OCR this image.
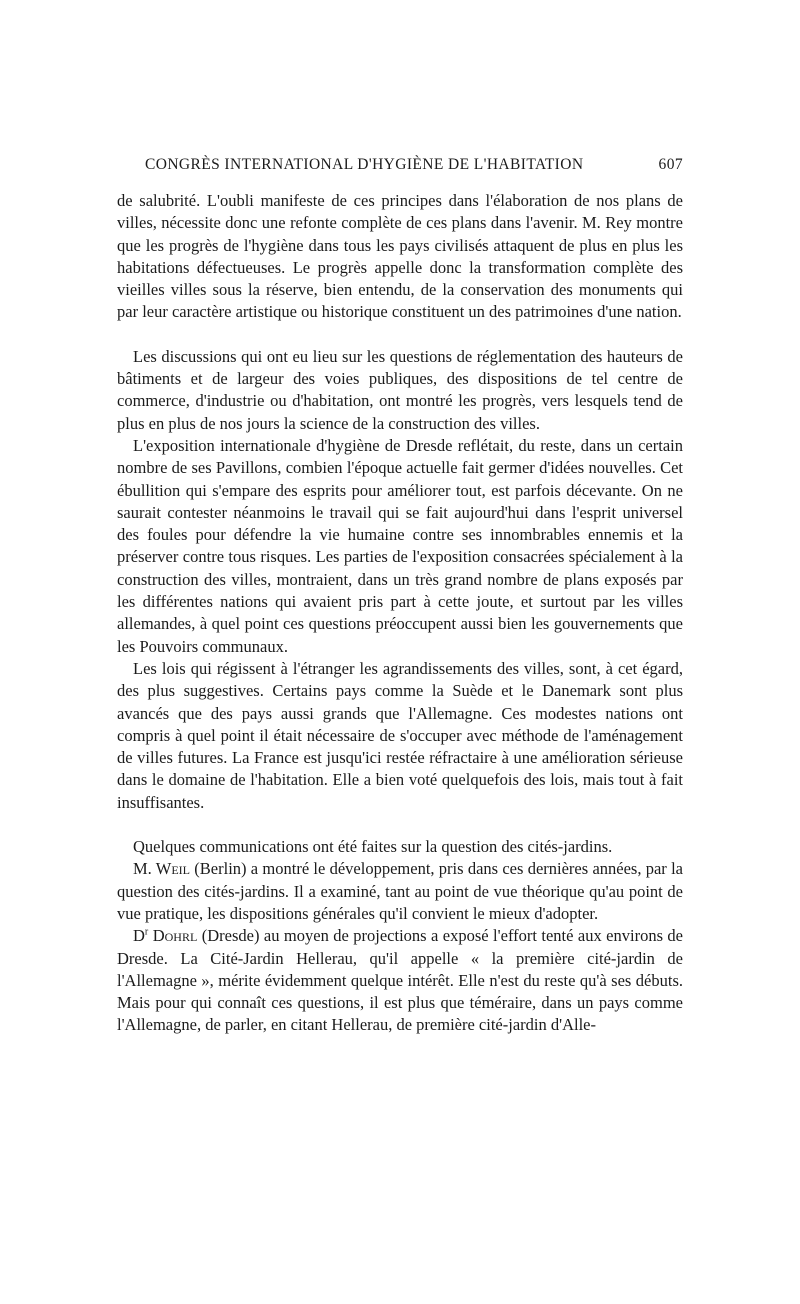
CONGRÈS INTERNATIONAL D'HYGIÈNE DE L'HABITATION	607

de salubrité. L'oubli manifeste de ces principes dans l'élaboration de nos plans de villes, nécessite donc une refonte complète de ces plans dans l'avenir. M. Rey montre que les progrès de l'hygiène dans tous les pays civilisés attaquent de plus en plus les habitations défectueuses. Le progrès appelle donc la transformation complète des vieilles villes sous la réserve, bien entendu, de la conservation des monuments qui par leur caractère artistique ou historique constituent un des patrimoines d'une nation.

Les discussions qui ont eu lieu sur les questions de réglementation des hauteurs de bâtiments et de largeur des voies publiques, des dispositions de tel centre de commerce, d'industrie ou d'habitation, ont montré les progrès, vers lesquels tend de plus en plus de nos jours la science de la construction des villes.

L'exposition internationale d'hygiène de Dresde reflétait, du reste, dans un certain nombre de ses Pavillons, combien l'époque actuelle fait germer d'idées nouvelles. Cet ébullition qui s'empare des esprits pour améliorer tout, est parfois décevante. On ne saurait contester néanmoins le travail qui se fait aujourd'hui dans l'esprit universel des foules pour défendre la vie humaine contre ses innombrables ennemis et la préserver contre tous risques. Les parties de l'exposition consacrées spécialement à la construction des villes, montraient, dans un très grand nombre de plans exposés par les différentes nations qui avaient pris part à cette joute, et surtout par les villes allemandes, à quel point ces questions préoccupent aussi bien les gouvernements que les Pouvoirs communaux.

Les lois qui régissent à l'étranger les agrandissements des villes, sont, à cet égard, des plus suggestives. Certains pays comme la Suède et le Danemark sont plus avancés que des pays aussi grands que l'Allemagne. Ces modestes nations ont compris à quel point il était nécessaire de s'occuper avec méthode de l'aménagement de villes futures. La France est jusqu'ici restée réfractaire à une amélioration sérieuse dans le domaine de l'habitation. Elle a bien voté quelquefois des lois, mais tout à fait insuffisantes.

Quelques communications ont été faites sur la question des cités-jardins.

M. Weil (Berlin) a montré le développement, pris dans ces dernières années, par la question des cités-jardins. Il a examiné, tant au point de vue théorique qu'au point de vue pratique, les dispositions générales qu'il convient le mieux d'adopter.

$D^r$ Dohrl (Dresde) au moyen de projections a exposé l'effort tenté aux environs de Dresde. La Cité-Jardin Hellerau, qu'il appelle « la première cité-jardin de l'Allemagne », mérite évidemment quelque intérêt. Elle n'est du reste qu'à ses débuts. Mais pour qui connaît ces questions, il est plus que téméraire, dans un pays comme l'Allemagne, de parler, en citant Hellerau, de première cité-jardin d'Alle-
